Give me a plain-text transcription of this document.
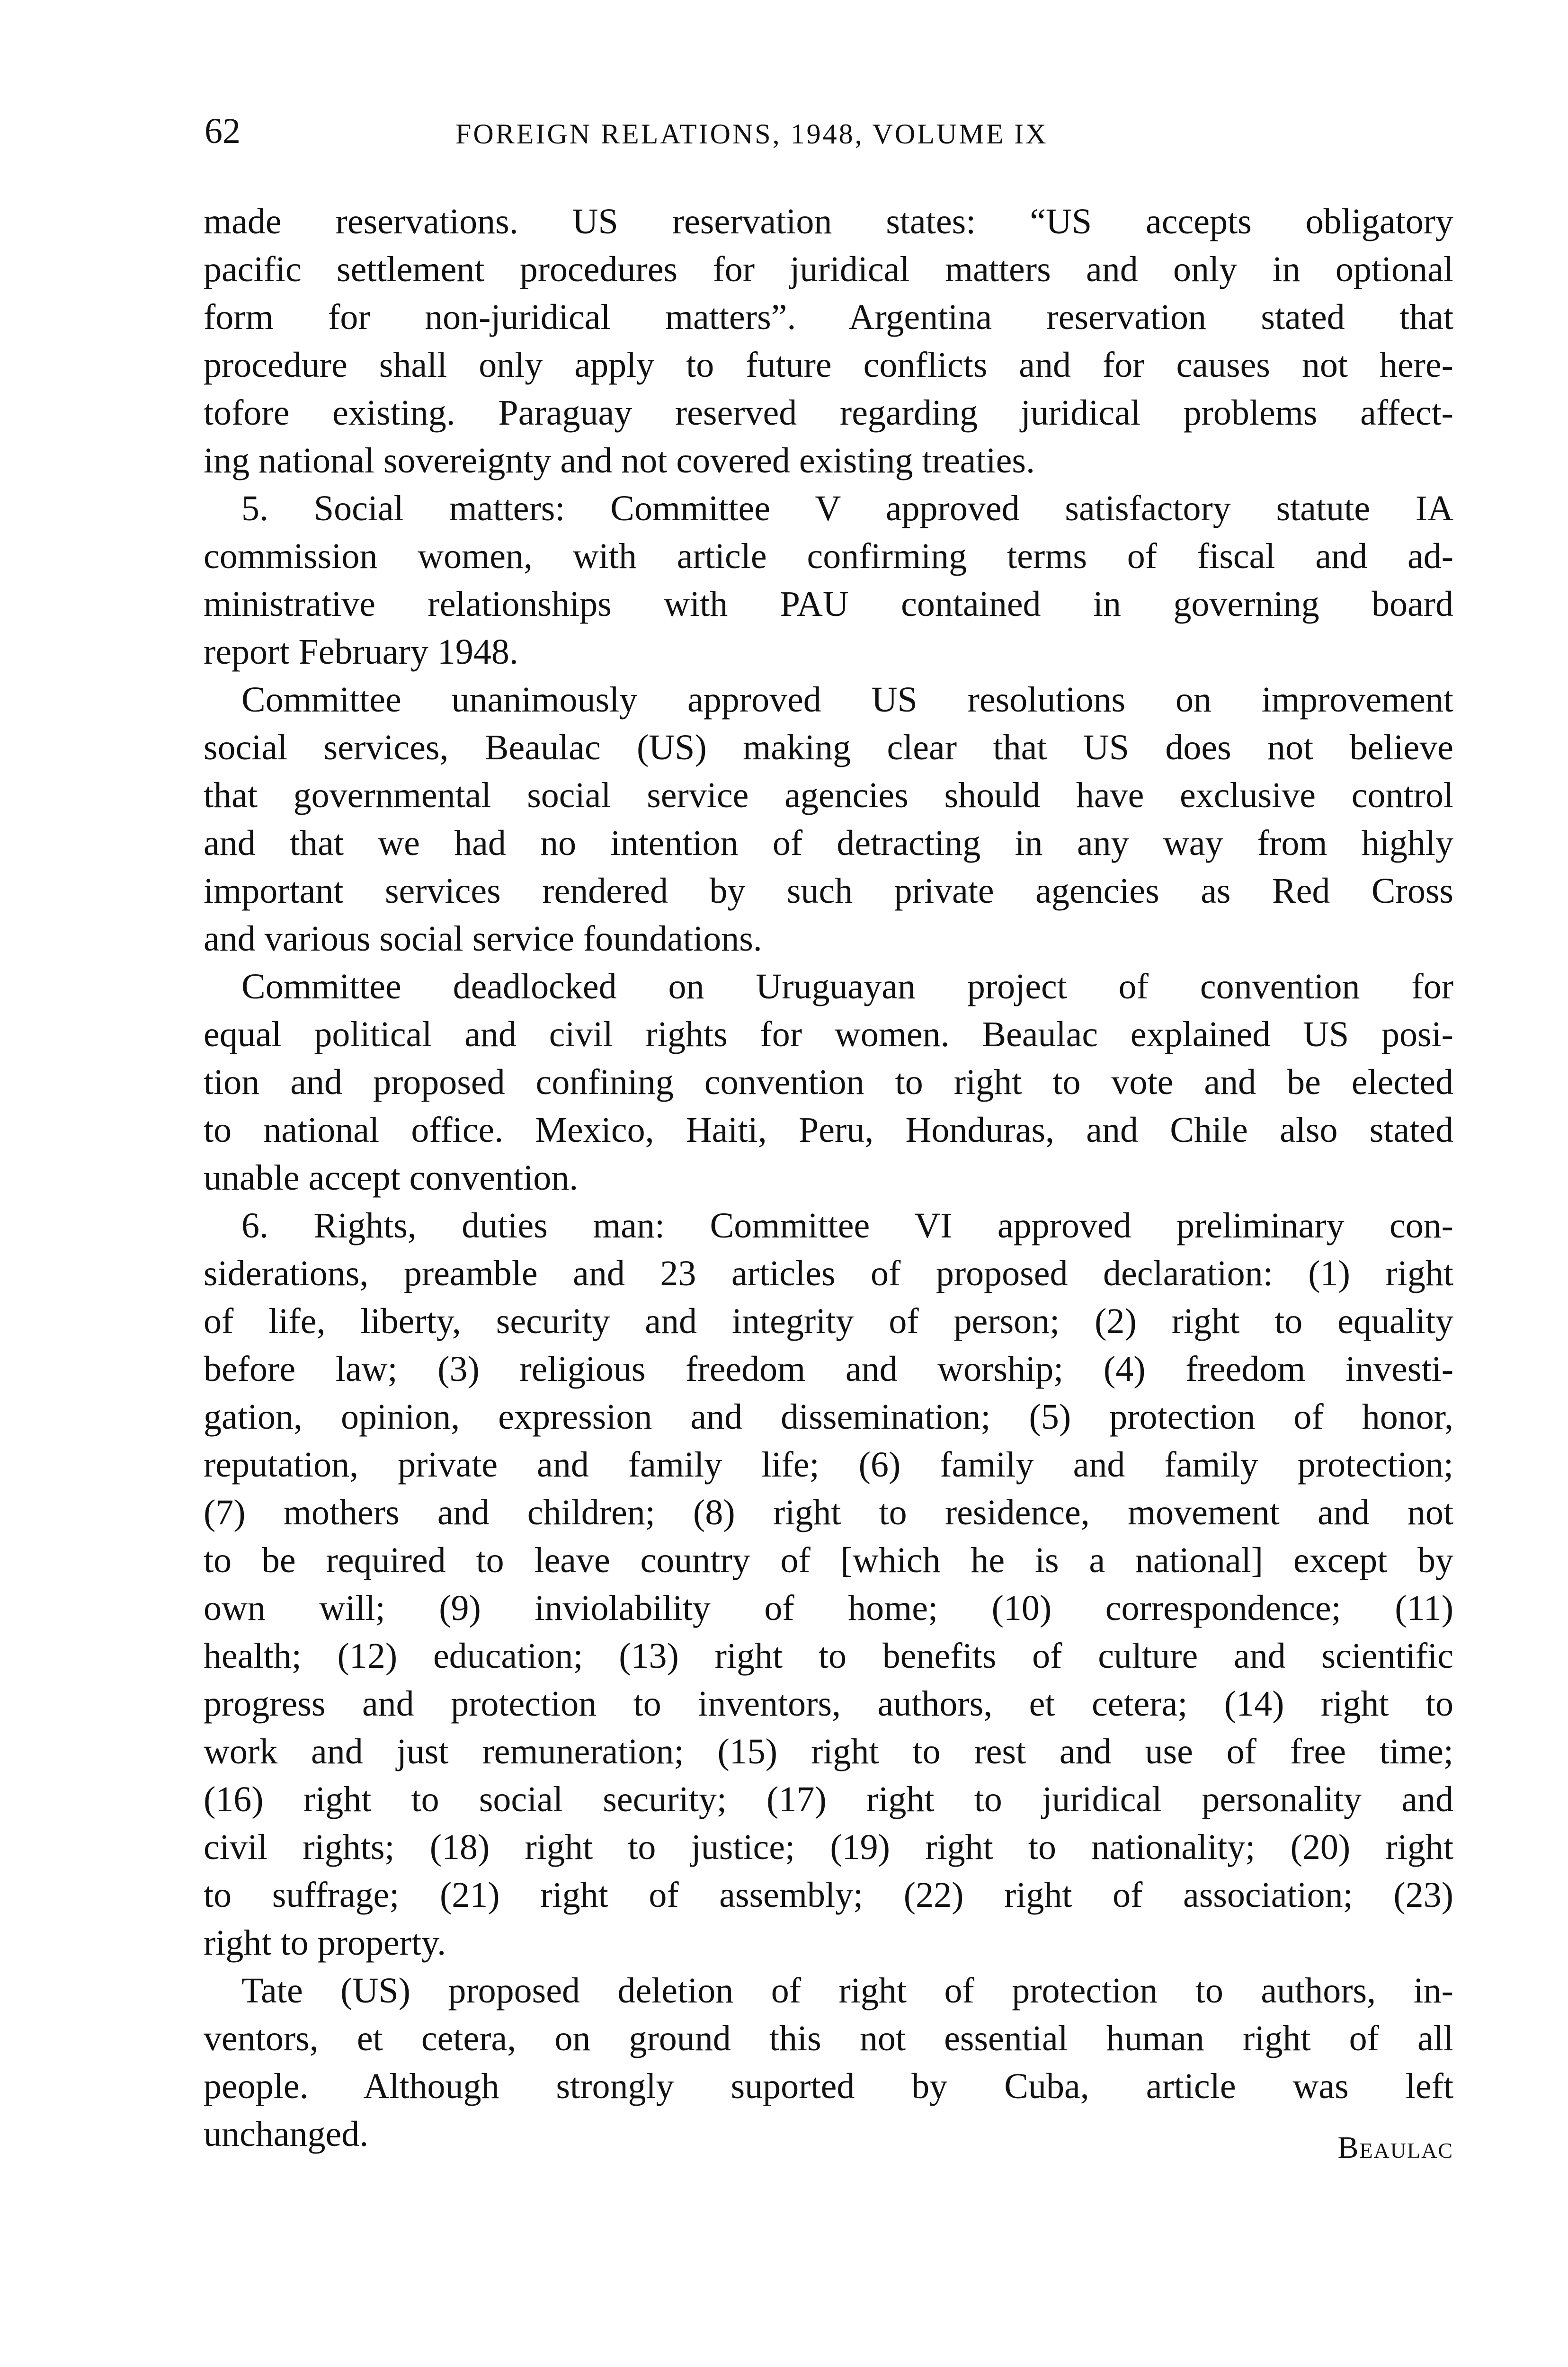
62	FOREIGN RELATIONS, 1948, VOLUME IX
made reservations. US reservation states: “US accepts obligatory
pacific settlement procedures for juridical matters and only in optional
form for non-juridical matters”. Argentina reservation stated that
procedure shall only apply to future conflicts and for causes not here-
tofore existing. Paraguay reserved regarding juridical problems affect-
ing national sovereignty and not covered existing treaties.
5. Social matters: Committee V approved satisfactory statute IA
commission women, with article confirming terms of fiscal and ad-
ministrative relationships with PAU contained in governing board
report February 1948.
Committee unanimously approved US resolutions on improvement
social services, Beaulac (US) making clear that US does not believe
that governmental social service agencies should have exclusive control
and that we had no intention of detracting in any way from highly
important services rendered by such private agencies as Red Cross
and various social service foundations.
Committee deadlocked on Uruguayan project of convention for
equal political and civil rights for women. Beaulac explained US posi-
tion and proposed confining convention to right to vote and be elected
to national office. Mexico, Haiti, Peru, Honduras, and Chile also stated
unable accept convention.
6. Rights, duties man: Committee VI approved preliminary con-
siderations, preamble and 23 articles of proposed declaration: (1) right
of life, liberty, security and integrity of person; (2) right to equality
before law; (3) religious freedom and worship; (4) freedom investi-
gation, opinion, expression and dissemination; (5) protection of honor,
reputation, private and family life; (6) family and family protection;
(7) mothers and children; (8) right to residence, movement and not
to be required to leave country of [which he is a national] except by
own will; (9) inviolability of home; (10) correspondence; (11)
health; (12) education; (13) right to benefits of culture and scientific
progress and protection to inventors, authors, et cetera; (14) right to
work and just remuneration; (15) right to rest and use of free time;
(16) right to social security; (17) right to juridical personality and
civil rights; (18) right to justice; (19) right to nationality; (20) right
to suffrage; (21) right of assembly; (22) right of association; (23)
right to property.
Tate (US) proposed deletion of right of protection to authors, in-
ventors, et cetera, on ground this not essential human right of all
people. Although strongly suported by Cuba, article was left
unchanged.	Beaulac
